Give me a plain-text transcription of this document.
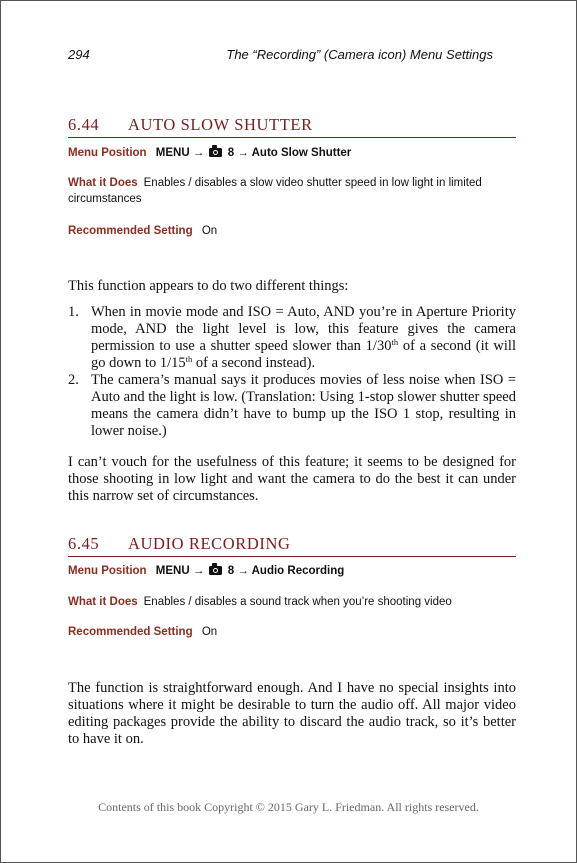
294	The “Recording” (Camera icon) Menu Settings
6.44 AUTO SLOW SHUTTER
Menu Position MENU → 8 → Auto Slow Shutter
What it Does Enables / disables a slow video shutter speed in low light in limited circumstances
Recommended Setting On
This function appears to do two different things:
1. When in movie mode and ISO = Auto, AND you’re in Aperture Priority mode, AND the light level is low, this feature gives the camera permission to use a shutter speed slower than 1/30th of a second (it will go down to 1/15th of a second instead).
2. The camera’s manual says it produces movies of less noise when ISO = Auto and the light is low. (Translation: Using 1-stop slower shutter speed means the camera didn’t have to bump up the ISO 1 stop, resulting in lower noise.)
I can’t vouch for the usefulness of this feature; it seems to be designed for those shooting in low light and want the camera to do the best it can under this narrow set of circumstances.
6.45 AUDIO RECORDING
Menu Position MENU → 8 → Audio Recording
What it Does Enables / disables a sound track when you’re shooting video
Recommended Setting On
The function is straightforward enough. And I have no special insights into situations where it might be desirable to turn the audio off. All major video editing packages provide the ability to discard the audio track, so it’s better to have it on.
Contents of this book Copyright © 2015 Gary L. Friedman. All rights reserved.
